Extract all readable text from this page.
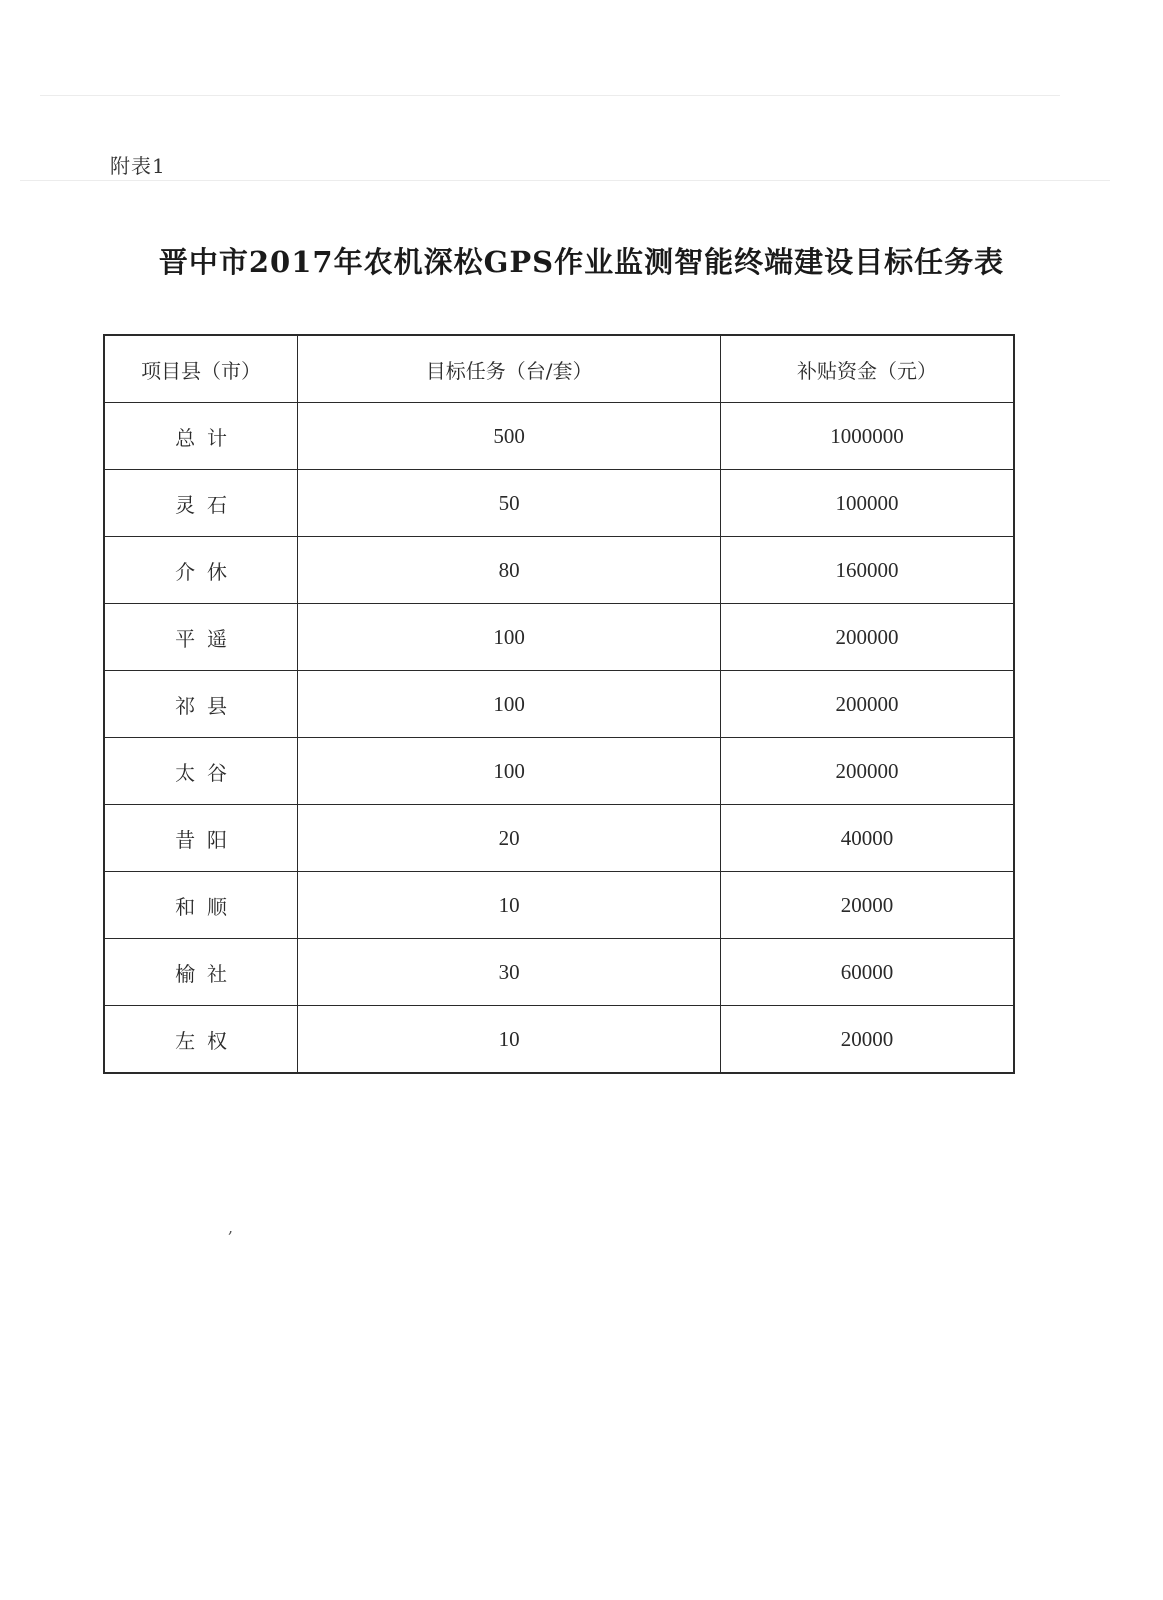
附表1
晋中市2017年农机深松GPS作业监测智能终端建设目标任务表
项目县（市）	目标任务（台/套）	补贴资金（元）
总计	500	1000000
灵石	50	100000
介休	80	160000
平遥	100	200000
祁县	100	200000
太谷	100	200000
昔阳	20	40000
和顺	10	20000
榆社	30	60000
左权	10	20000
,
